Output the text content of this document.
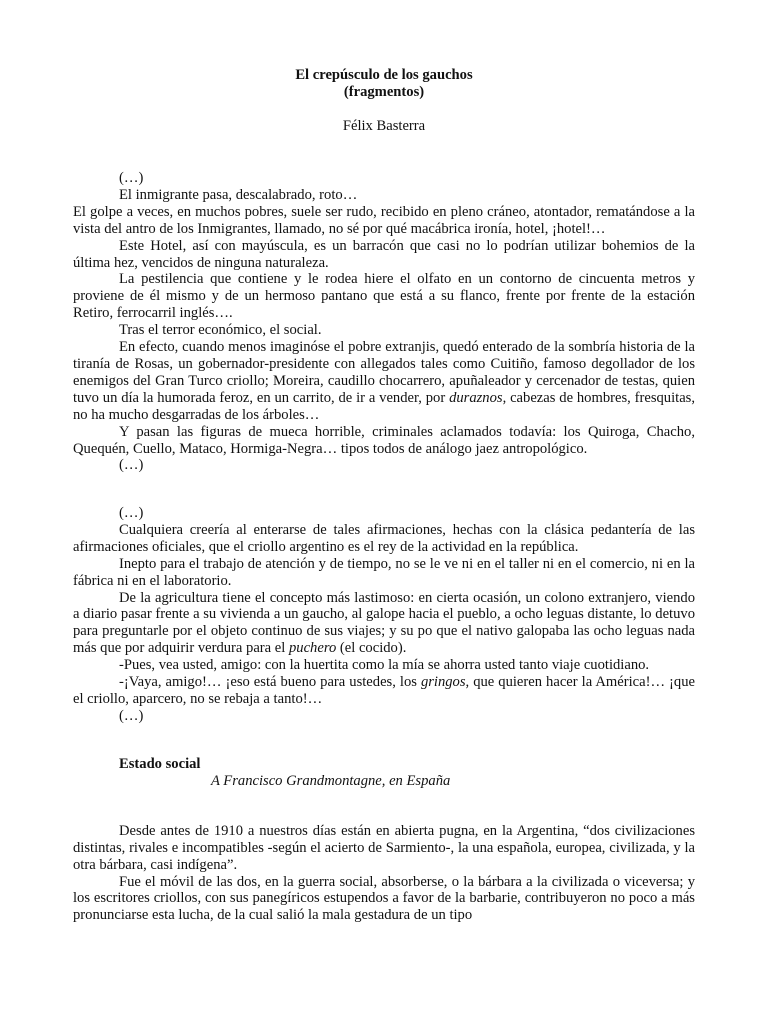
El crepúsculo de los gauchos
(fragmentos)
Félix Basterra

(…)

El inmigrante pasa, descalabrado, roto…

El golpe a veces, en muchos pobres, suele ser rudo, recibido en pleno cráneo, atontador, rematándose a la vista del antro de los Inmigrantes, llamado, no sé por qué macábrica ironía, hotel, ¡hotel!…

Este Hotel, así con mayúscula, es un barracón que casi no lo podrían utilizar bohemios de la última hez, vencidos de ninguna naturaleza.

La pestilencia que contiene y le rodea hiere el olfato en un contorno de cincuenta metros y proviene de él mismo y de un hermoso pantano que está a su flanco, frente por frente de la estación Retiro, ferrocarril inglés….

Tras el terror económico, el social.

En efecto, cuando menos imaginóse el pobre extranjis, quedó enterado de la sombría historia de la tiranía de Rosas, un gobernador-presidente con allegados tales como Cuitiño, famoso degollador de los enemigos del Gran Turco criollo; Moreira, caudillo chocarrero, apuñaleador y cercenador de testas, quien tuvo un día la humorada feroz, en un carrito, de ir a vender, por duraznos, cabezas de hombres, fresquitas, no ha mucho desgarradas de los árboles…

Y pasan las figuras de mueca horrible, criminales aclamados todavía: los Quiroga, Chacho, Quequén, Cuello, Mataco, Hormiga-Negra… tipos todos de análogo jaez antropológico.

(…)

(…)

Cualquiera creería al enterarse de tales afirmaciones, hechas con la clásica pedantería de las afirmaciones oficiales, que el criollo argentino es el rey de la actividad en la república.

Inepto para el trabajo de atención y de tiempo, no se le ve ni en el taller ni en el comercio, ni en la fábrica ni en el laboratorio.

De la agricultura tiene el concepto más lastimoso: en cierta ocasión, un colono extranjero, viendo a diario pasar frente a su vivienda a un gaucho, al galope hacia el pueblo, a ocho leguas distante, lo detuvo para preguntarle por el objeto continuo de sus viajes; y su po que el nativo galopaba las ocho leguas nada más que por adquirir verdura para el puchero (el cocido).

-Pues, vea usted, amigo: con la huertita como la mía se ahorra usted tanto viaje cuotidiano.

-¡Vaya, amigo!… ¡eso está bueno para ustedes, los gringos, que quieren hacer la América!… ¡que el criollo, aparcero, no se rebaja a tanto!…

(…)

Estado social
A Francisco Grandmontagne, en España

Desde antes de 1910 a nuestros días están en abierta pugna, en la Argentina, “dos civilizaciones distintas, rivales e incompatibles -según el acierto de Sarmiento-, la una española, europea, civilizada, y la otra bárbara, casi indígena”.

Fue el móvil de las dos, en la guerra social, absorberse, o la bárbara a la civilizada o viceversa; y los escritores criollos, con sus panegíricos estupendos a favor de la barbarie, contribuyeron no poco a más pronunciarse esta lucha, de la cual salió la mala gestadura de un tipo
